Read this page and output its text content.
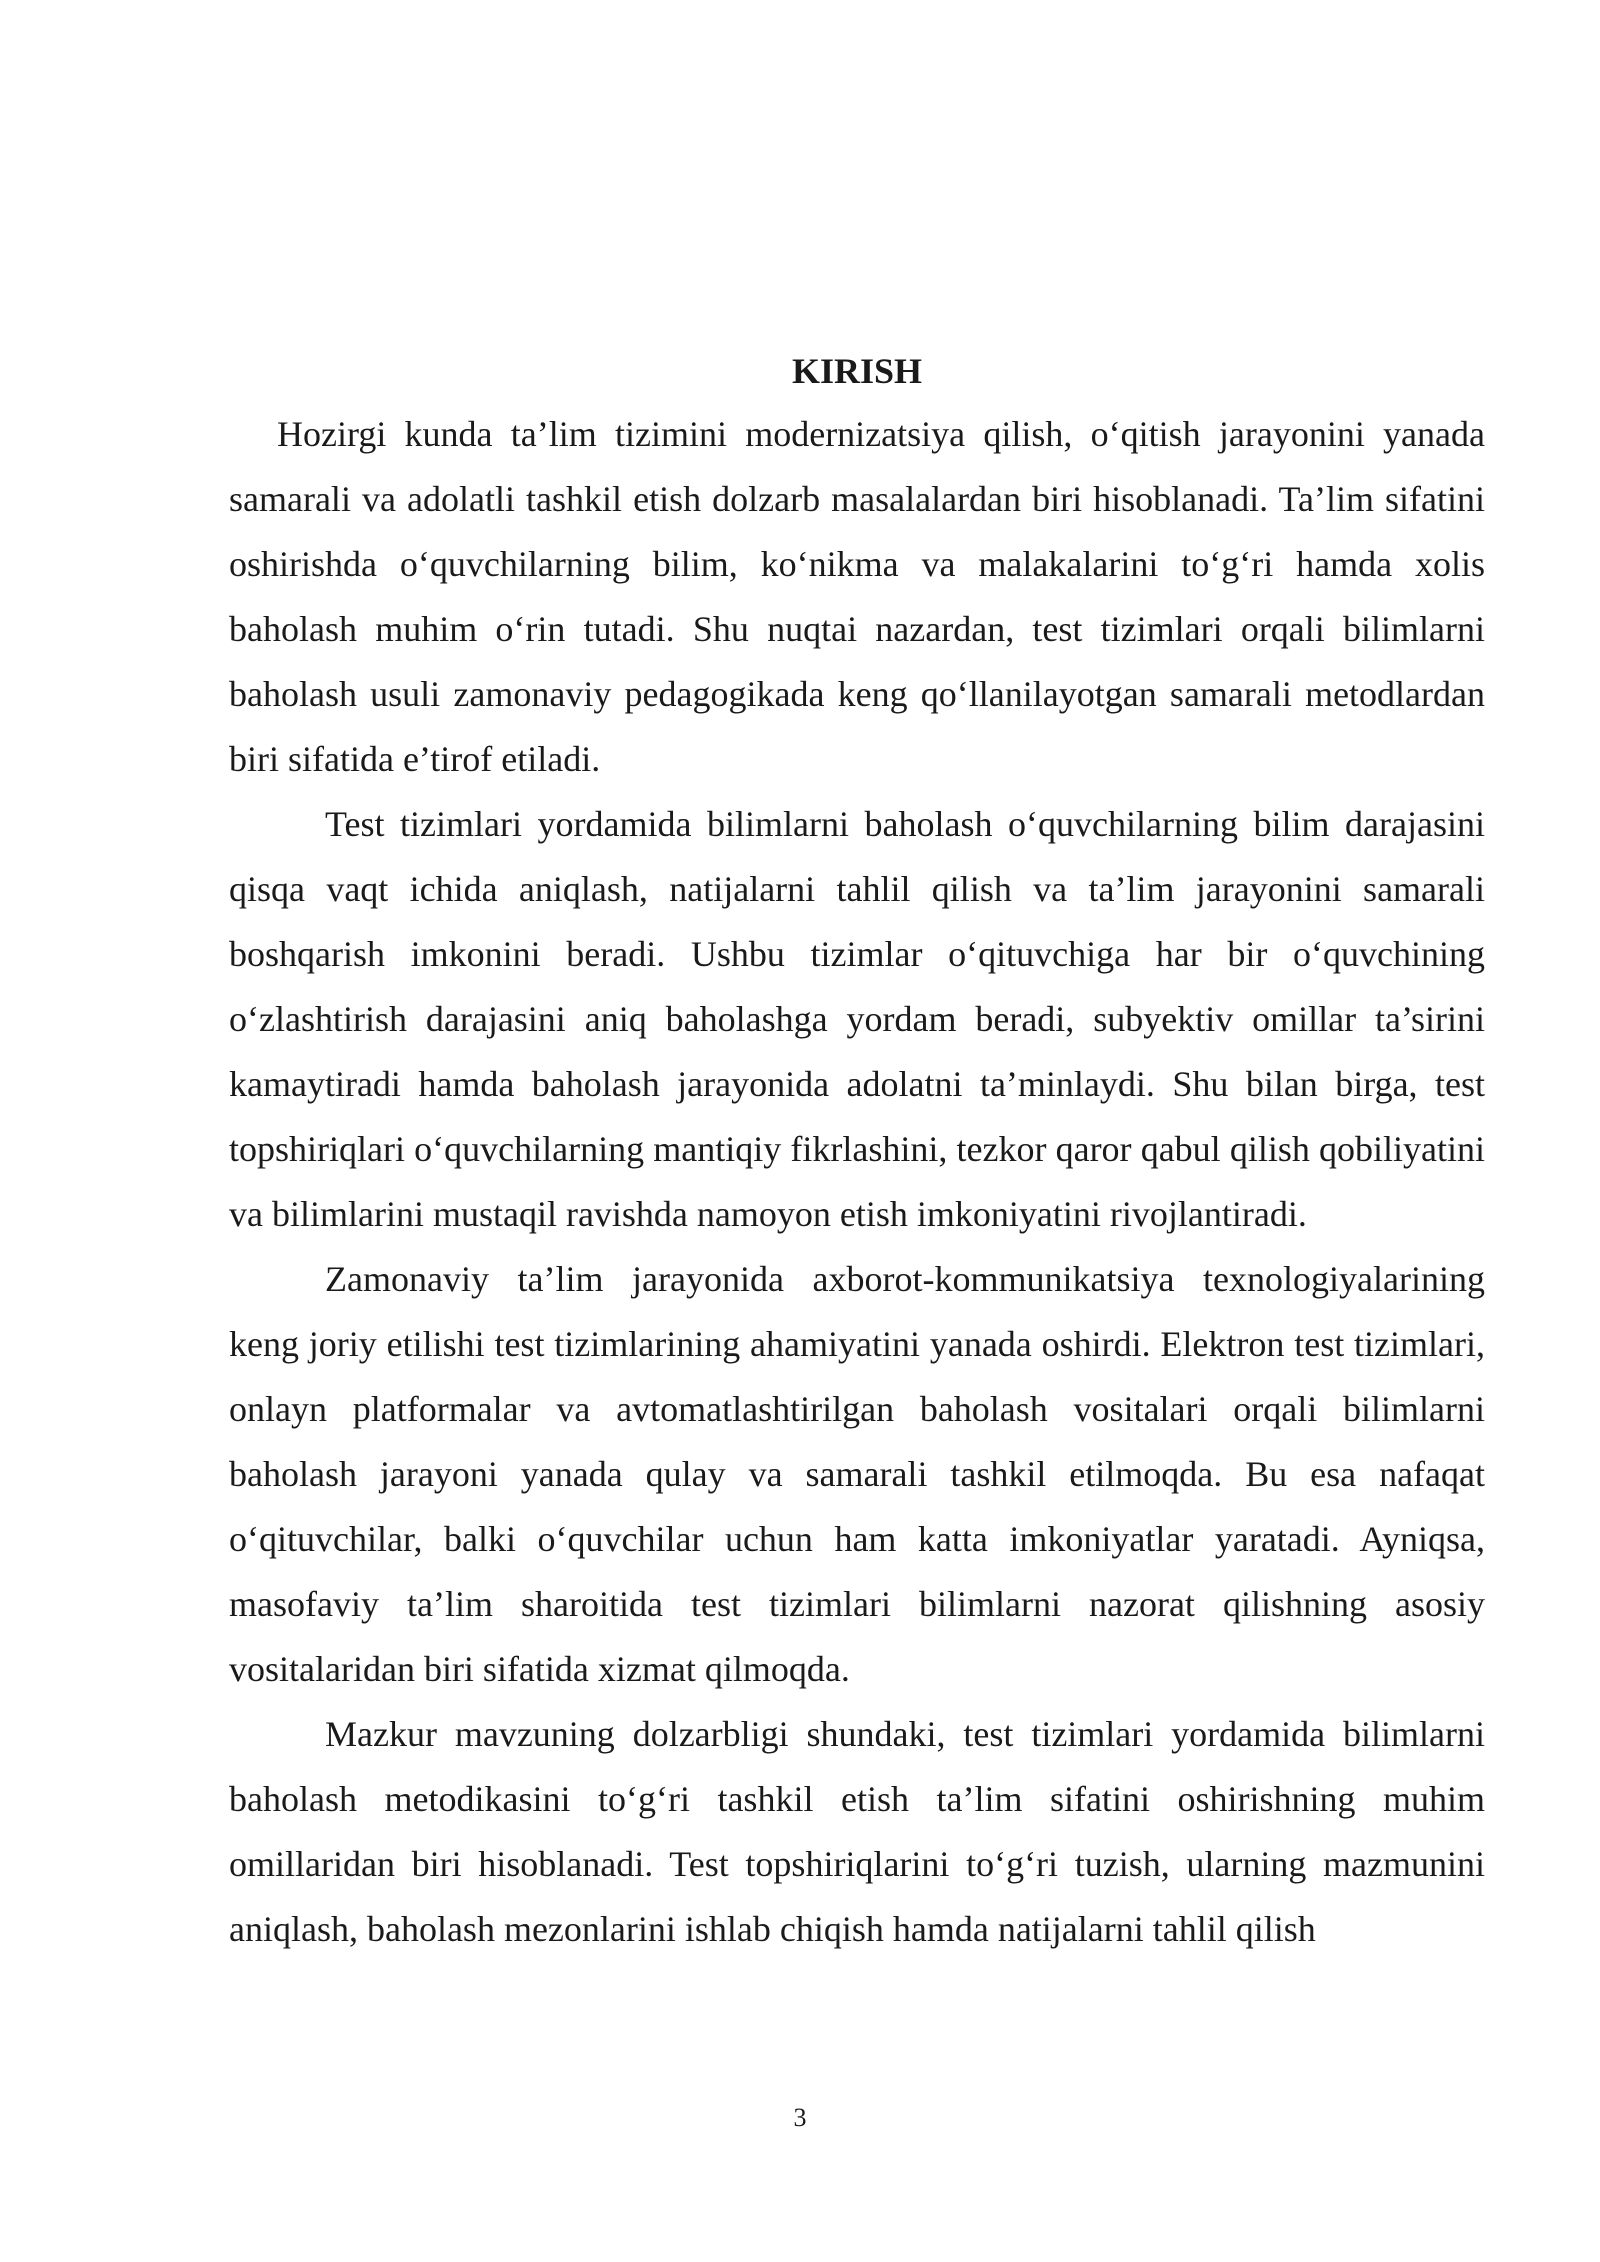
KIRISH

Hozirgi kunda ta’lim tizimini modernizatsiya qilish, o‘qitish jarayonini yanada samarali va adolatli tashkil etish dolzarb masalalardan biri hisoblanadi. Ta’lim sifatini oshirishda o‘quvchilarning bilim, ko‘nikma va malakalarini to‘g‘ri hamda xolis baholash muhim o‘rin tutadi. Shu nuqtai nazardan, test tizimlari orqali bilimlarni baholash usuli zamonaviy pedagogikada keng qo‘llanilayotgan samarali metodlardan biri sifatida e’tirof etiladi.

Test tizimlari yordamida bilimlarni baholash o‘quvchilarning bilim darajasini qisqa vaqt ichida aniqlash, natijalarni tahlil qilish va ta’lim jarayonini samarali boshqarish imkonini beradi. Ushbu tizimlar o‘qituvchiga har bir o‘quvchining o‘zlashtirish darajasini aniq baholashga yordam beradi, subyektiv omillar ta’sirini kamaytiradi hamda baholash jarayonida adolatni ta’minlaydi. Shu bilan birga, test topshiriqlari o‘quvchilarning mantiqiy fikrlashini, tezkor qaror qabul qilish qobiliyatini va bilimlarini mustaqil ravishda namoyon etish imkoniyatini rivojlantiradi.

Zamonaviy ta’lim jarayonida axborot-kommunikatsiya texnologiyalarining keng joriy etilishi test tizimlarining ahamiyatini yanada oshirdi. Elektron test tizimlari, onlayn platformalar va avtomatlashtirilgan baholash vositalari orqali bilimlarni baholash jarayoni yanada qulay va samarali tashkil etilmoqda. Bu esa nafaqat o‘qituvchilar, balki o‘quvchilar uchun ham katta imkoniyatlar yaratadi. Ayniqsa, masofaviy ta’lim sharoitida test tizimlari bilimlarni nazorat qilishning asosiy vositalaridan biri sifatida xizmat qilmoqda.

Mazkur mavzuning dolzarbligi shundaki, test tizimlari yordamida bilimlarni baholash metodikasini to‘g‘ri tashkil etish ta’lim sifatini oshirishning muhim omillaridan biri hisoblanadi. Test topshiriqlarini to‘g‘ri tuzish, ularning mazmunini aniqlash, baholash mezonlarini ishlab chiqish hamda natijalarni tahlil qilish

3
